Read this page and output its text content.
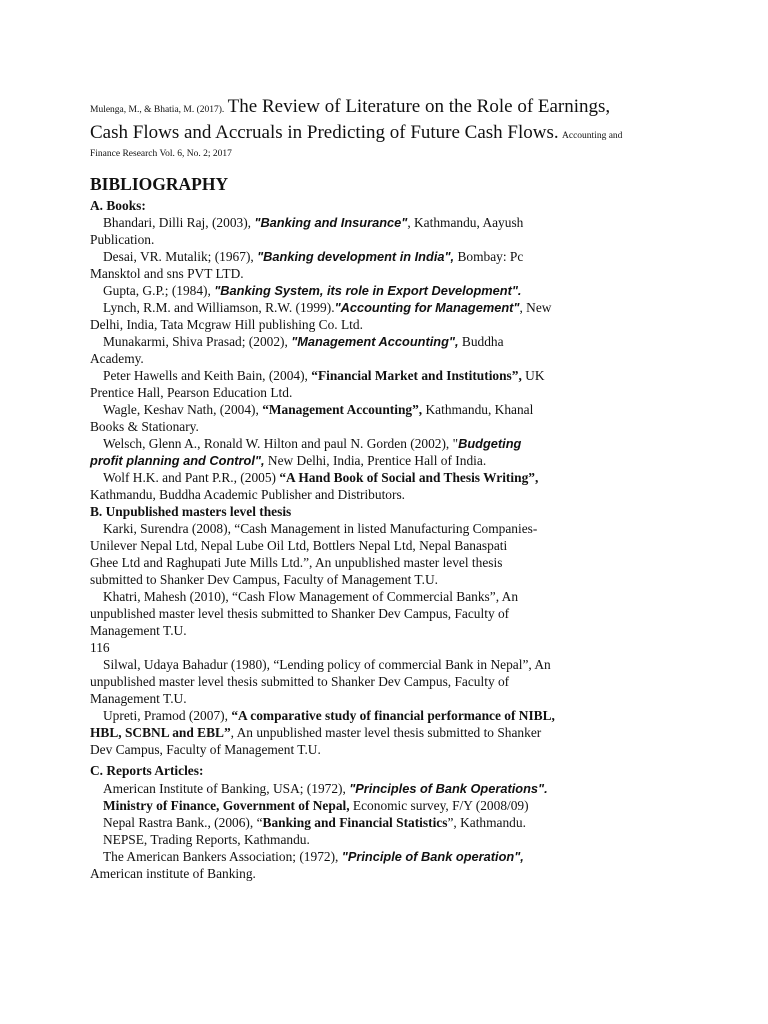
Mulenga, M., & Bhatia, M. (2017). The Review of Literature on the Role of Earnings,
Cash Flows and Accruals in Predicting of Future Cash Flows. Accounting and
Finance Research Vol. 6, No. 2; 2017
BIBLIOGRAPHY
A. Books:
Bhandari, Dilli Raj, (2003), "Banking and Insurance", Kathmandu, Aayush
Publication.
Desai, VR. Mutalik; (1967), "Banking development in India", Bombay: Pc
Mansktol and sns PVT LTD.
Gupta, G.P.; (1984), "Banking System, its role in Export Development".
Lynch, R.M. and Williamson, R.W. (1999)."Accounting for Management", New
Delhi, India, Tata Mcgraw Hill publishing Co. Ltd.
Munakarmi, Shiva Prasad; (2002), "Management Accounting", Buddha
Academy.
Peter Hawells and Keith Bain, (2004), “Financial Market and Institutions”, UK
Prentice Hall, Pearson Education Ltd.
Wagle, Keshav Nath, (2004), “Management Accounting”, Kathmandu, Khanal
Books & Stationary.
Welsch, Glenn A., Ronald W. Hilton and paul N. Gorden (2002), "Budgeting
profit planning and Control", New Delhi, India, Prentice Hall of India.
Wolf H.K. and Pant P.R., (2005) “A Hand Book of Social and Thesis Writing”,
Kathmandu, Buddha Academic Publisher and Distributors.
B. Unpublished masters level thesis
Karki, Surendra (2008), “Cash Management in listed Manufacturing Companies-
Unilever Nepal Ltd, Nepal Lube Oil Ltd, Bottlers Nepal Ltd, Nepal Banaspati
Ghee Ltd and Raghupati Jute Mills Ltd.”, An unpublished master level thesis
submitted to Shanker Dev Campus, Faculty of Management T.U.
Khatri, Mahesh (2010), “Cash Flow Management of Commercial Banks”, An
unpublished master level thesis submitted to Shanker Dev Campus, Faculty of
Management T.U.
116
Silwal, Udaya Bahadur (1980), “Lending policy of commercial Bank in Nepal”, An
unpublished master level thesis submitted to Shanker Dev Campus, Faculty of
Management T.U.
Upreti, Pramod (2007), “A comparative study of financial performance of NIBL,
HBL, SCBNL and EBL”, An unpublished master level thesis submitted to Shanker
Dev Campus, Faculty of Management T.U.
C. Reports Articles:
American Institute of Banking, USA; (1972), "Principles of Bank Operations".
Ministry of Finance, Government of Nepal, Economic survey, F/Y (2008/09)
Nepal Rastra Bank., (2006), “Banking and Financial Statistics”, Kathmandu.
NEPSE, Trading Reports, Kathmandu.
The American Bankers Association; (1972), "Principle of Bank operation",
American institute of Banking.
